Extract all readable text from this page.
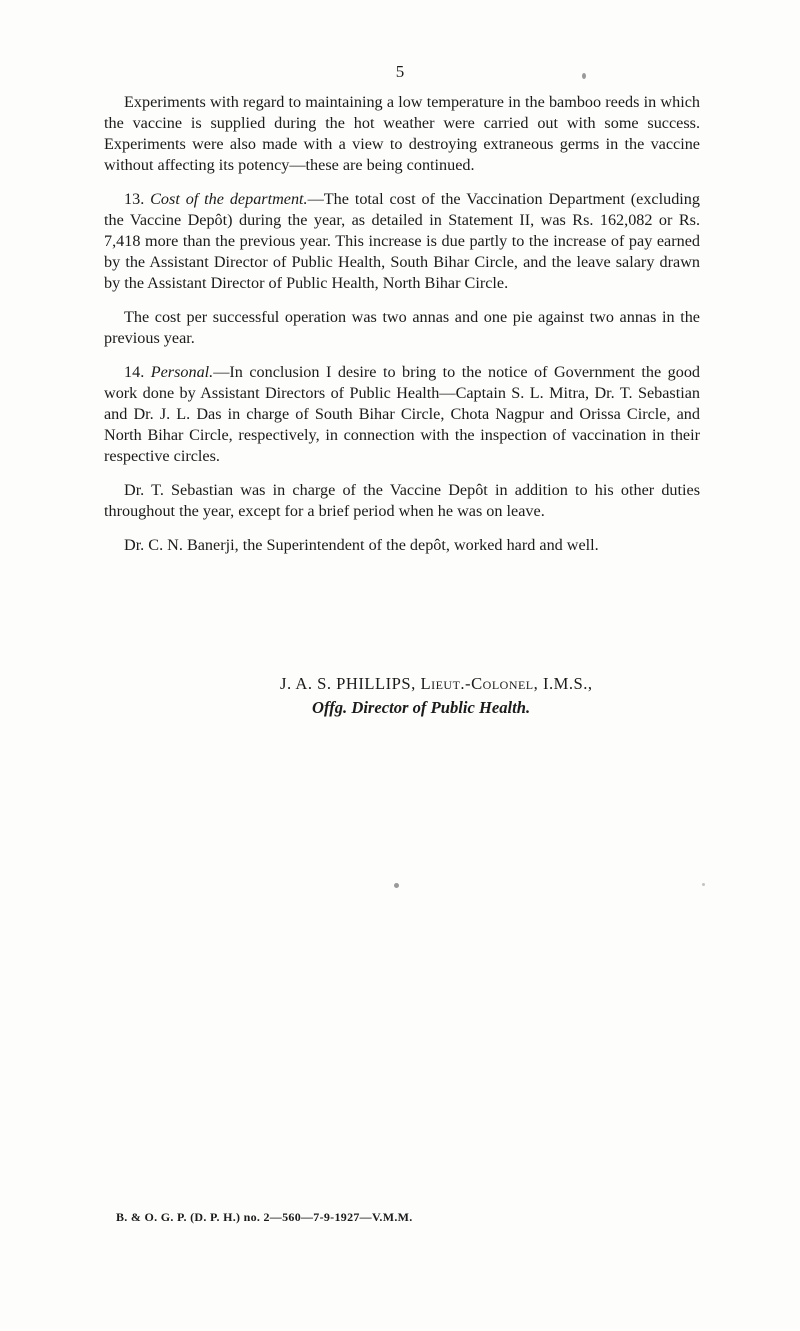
5

Experiments with regard to maintaining a low temperature in the bamboo reeds in which the vaccine is supplied during the hot weather were carried out with some success. Experiments were also made with a view to destroying extraneous germs in the vaccine without affecting its potency—these are being continued.

13. Cost of the department.—The total cost of the Vaccination Department (excluding the Vaccine Depôt) during the year, as detailed in Statement II, was Rs. 162,082 or Rs. 7,418 more than the previous year. This increase is due partly to the increase of pay earned by the Assistant Director of Public Health, South Bihar Circle, and the leave salary drawn by the Assistant Director of Public Health, North Bihar Circle.

The cost per successful operation was two annas and one pie against two annas in the previous year.

14. Personal.—In conclusion I desire to bring to the notice of Government the good work done by Assistant Directors of Public Health—Captain S. L. Mitra, Dr. T. Sebastian and Dr. J. L. Das in charge of South Bihar Circle, Chota Nagpur and Orissa Circle, and North Bihar Circle, respectively, in connection with the inspection of vaccination in their respective circles.

Dr. T. Sebastian was in charge of the Vaccine Depôt in addition to his other duties throughout the year, except for a brief period when he was on leave.

Dr. C. N. Banerji, the Superintendent of the depôt, worked hard and well.

J. A. S. PHILLIPS, Lieut.-Colonel, I.M.S.,
Offg. Director of Public Health.
B. & O. G. P. (D. P. H.) no. 2—560—7-9-1927—V.M.M.
